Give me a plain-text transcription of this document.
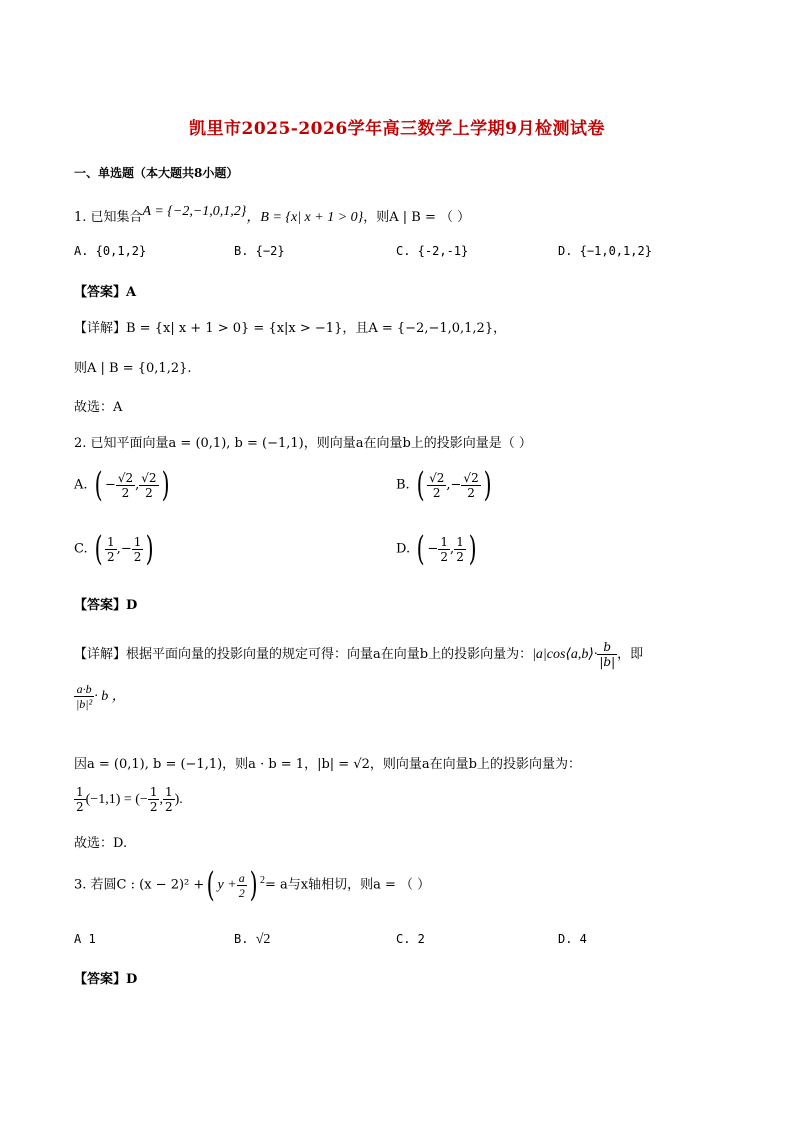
凯里市2025-2026学年高三数学上学期9月检测试卷
一、单选题（本大题共8小题）
1. 已知集合A = {−2,−1,0,1,2}，B = {x| x + 1 > 0}，则A | B = （ ）
A. {0,1,2}	B. {−2}	C. {-2,-1}	D. {−1,0,1,2}
【答案】A
【详解】B = {x| x + 1 > 0} = {x|x > −1}，且A = {−2,−1,0,1,2}，
则A | B = {0,1,2}.
故选：A
2. 已知平面向量a = (0,1), b = (−1,1)，则向量a在向量b上的投影向量是（ ）
A. ( − $\frac{√2}{2}$ , $\frac{√2}{2}$ )	B. ( $\frac{√2}{2}$ ,− $\frac{√2}{2}$ )
C. ( $\frac{1}{2}$ ,− $\frac{1}{2}$ )	D. ( − $\frac{1}{2}$ , $\frac{1}{2}$ )
【答案】D
【详解】根据平面向量的投影向量的规定可得：向量a在向量b上的投影向量为：|a|cos⟨a,b⟩· $\frac{b}{|b|}$ ，即
$\frac{a\cdot b}{\text{|b|²}} \cdot b$ ，
因a = (0,1), b = (−1,1)，则a · b = 1，|b| = √2，则向量a在向量b上的投影向量为：
$\frac{1}{2} (-1,1)$ = (− $\frac{1}{2}$ , $\frac{1}{2}$ ).
故选：D.
3. 若圆C : (x − 2)² +( $y + \frac{a}{2}$ ) $^2$= a与x轴相切，则a = （ ）
A 1	B. √2	C. 2	D. 4
【答案】D
